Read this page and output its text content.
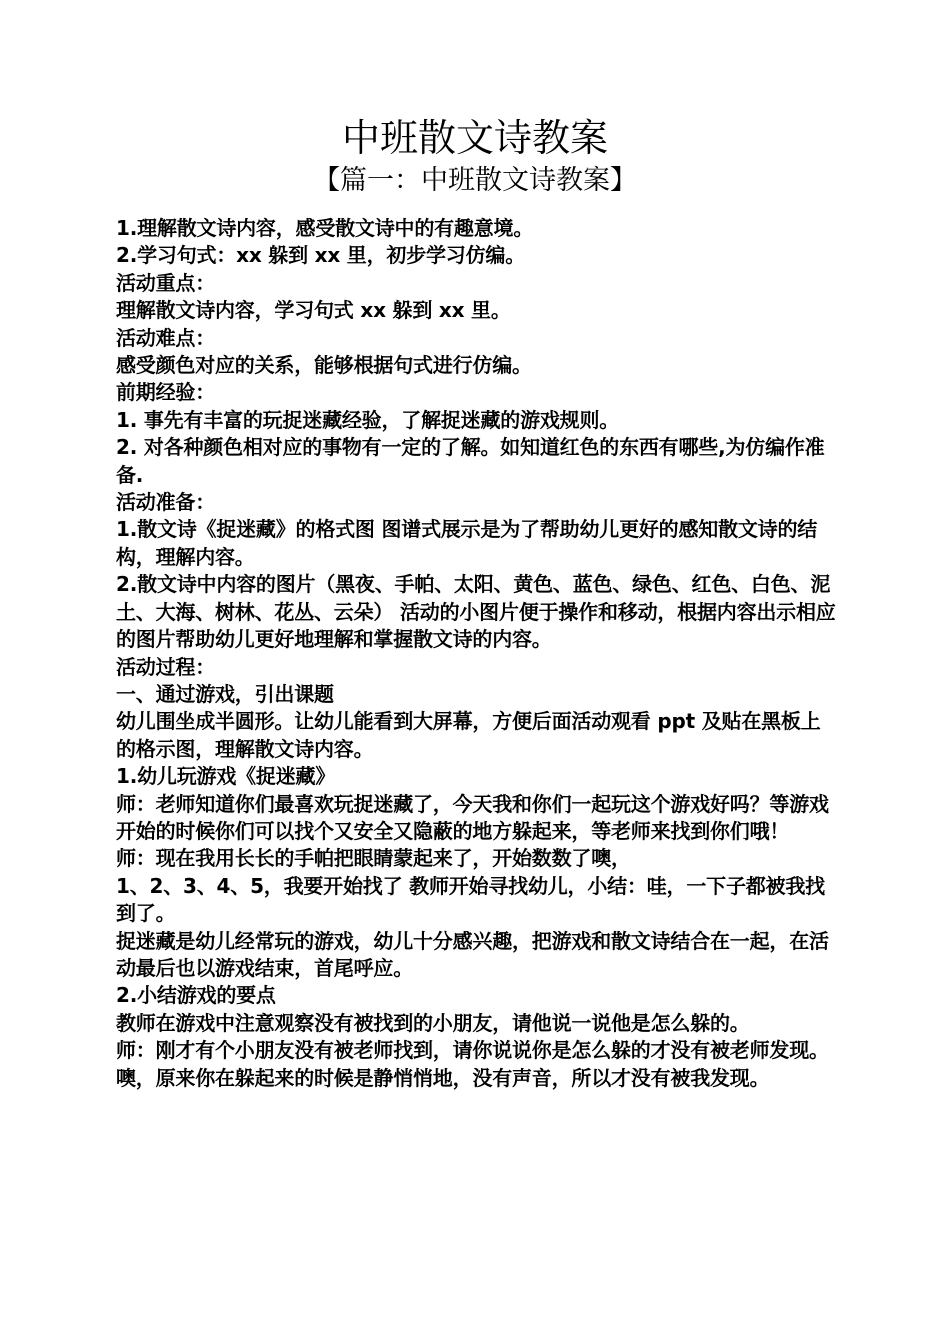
中班散文诗教案
【篇一：中班散文诗教案】

1.理解散文诗内容，感受散文诗中的有趣意境。

2.学习句式：xx 躲到 xx 里，初步学习仿编。

活动重点：

理解散文诗内容，学习句式 xx 躲到 xx 里。

活动难点：

感受颜色对应的关系，能够根据句式进行仿编。

前期经验：

1. 事先有丰富的玩捉迷藏经验，了解捉迷藏的游戏规则。

2. 对各种颜色相对应的事物有一定的了解。如知道红色的东西有哪些,为仿编作准备.

活动准备：

1.散文诗《捉迷藏》的格式图 图谱式展示是为了帮助幼儿更好的感知散文诗的结构，理解内容。

2.散文诗中内容的图片（黑夜、手帕、太阳、黄色、蓝色、绿色、红色、白色、泥土、大海、树林、花丛、云朵） 活动的小图片便于操作和移动，根据内容出示相应的图片帮助幼儿更好地理解和掌握散文诗的内容。

活动过程：

一、通过游戏，引出课题

幼儿围坐成半圆形。让幼儿能看到大屏幕，方便后面活动观看 ppt 及贴在黑板上的格示图，理解散文诗内容。

1.幼儿玩游戏《捉迷藏》

师：老师知道你们最喜欢玩捉迷藏了，今天我和你们一起玩这个游戏好吗？等游戏开始的时候你们可以找个又安全又隐蔽的地方躲起来，等老师来找到你们哦！

师：现在我用长长的手帕把眼睛蒙起来了，开始数数了噢，

1、2、3、4、5，我要开始找了 教师开始寻找幼儿，小结：哇，一下子都被我找到了。

捉迷藏是幼儿经常玩的游戏，幼儿十分感兴趣，把游戏和散文诗结合在一起，在活动最后也以游戏结束，首尾呼应。

2.小结游戏的要点

教师在游戏中注意观察没有被找到的小朋友，请他说一说他是怎么躲的。

师：刚才有个小朋友没有被老师找到，请你说说你是怎么躲的才没有被老师发现。噢，原来你在躲起来的时候是静悄悄地，没有声音，所以才没有被我发现。
